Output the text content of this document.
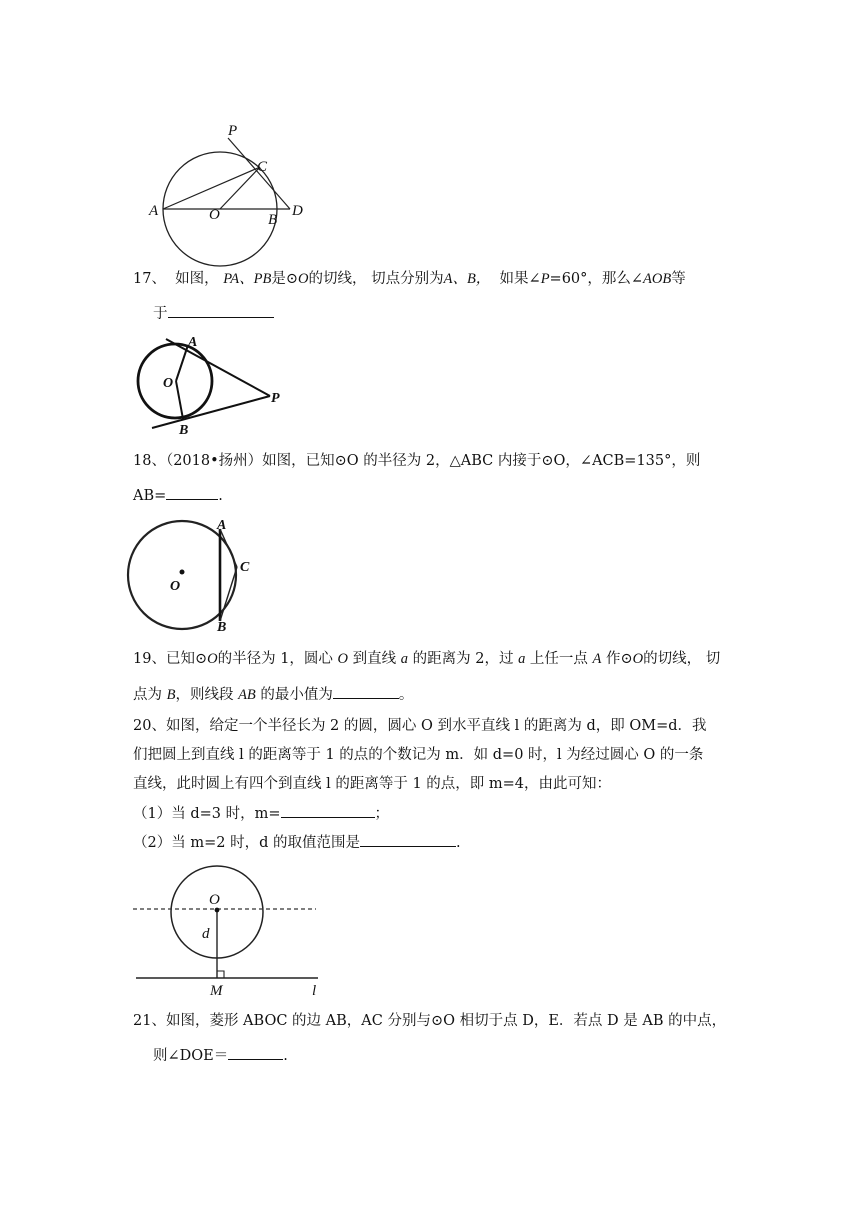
P
C
A	O	B
D
17、 如图， PA、PB是⊙O的切线， 切点分别为A、B， 如果∠P=60°，那么∠AOB等
于
A
O
P
B
18、（2018•扬州）如图，已知⊙O 的半径为 2，△ABC 内接于⊙O，∠ACB=135°，则
AB=	.
A
C
O
B
19、已知⊙O的半径为 1，圆心 O 到直线 a 的距离为 2，过 a 上任一点 A 作⊙O的切线， 切
点为 B，则线段 AB 的最小值为	。
20、如图，给定一个半径长为 2 的圆，圆心 O 到水平直线 l 的距离为 d，即 OM=d．我
们把圆上到直线 l 的距离等于 1 的点的个数记为 m．如 d=0 时，l 为经过圆心 O 的一条
直线，此时圆上有四个到直线 l 的距离等于 1 的点，即 m=4，由此可知：
（1）当 d=3 时，m=	；
（2）当 m=2 时，d 的取值范围是	.
O
d
M	l
21、如图，菱形 ABOC 的边 AB，AC 分别与⊙O 相切于点 D，E．若点 D 是 AB 的中点，
则∠DOE＝	.
